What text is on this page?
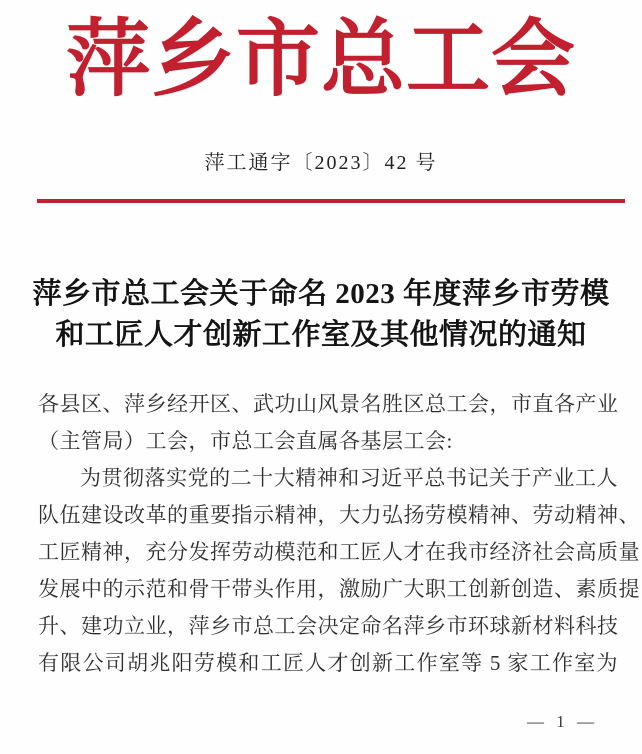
萍乡市总工会
萍工通字〔2023〕42 号
萍乡市总工会关于命名 2023 年度萍乡市劳模
和工匠人才创新工作室及其他情况的通知
各县区、萍乡经开区、武功山风景名胜区总工会，市直各产业
（主管局）工会，市总工会直属各基层工会:
为贯彻落实党的二十大精神和习近平总书记关于产业工人
队伍建设改革的重要指示精神，大力弘扬劳模精神、劳动精神、
工匠精神，充分发挥劳动模范和工匠人才在我市经济社会高质量
发展中的示范和骨干带头作用，激励广大职工创新创造、素质提
升、建功立业，萍乡市总工会决定命名萍乡市环球新材料科技
有限公司胡兆阳劳模和工匠人才创新工作室等 5 家工作室为
— 1 —
